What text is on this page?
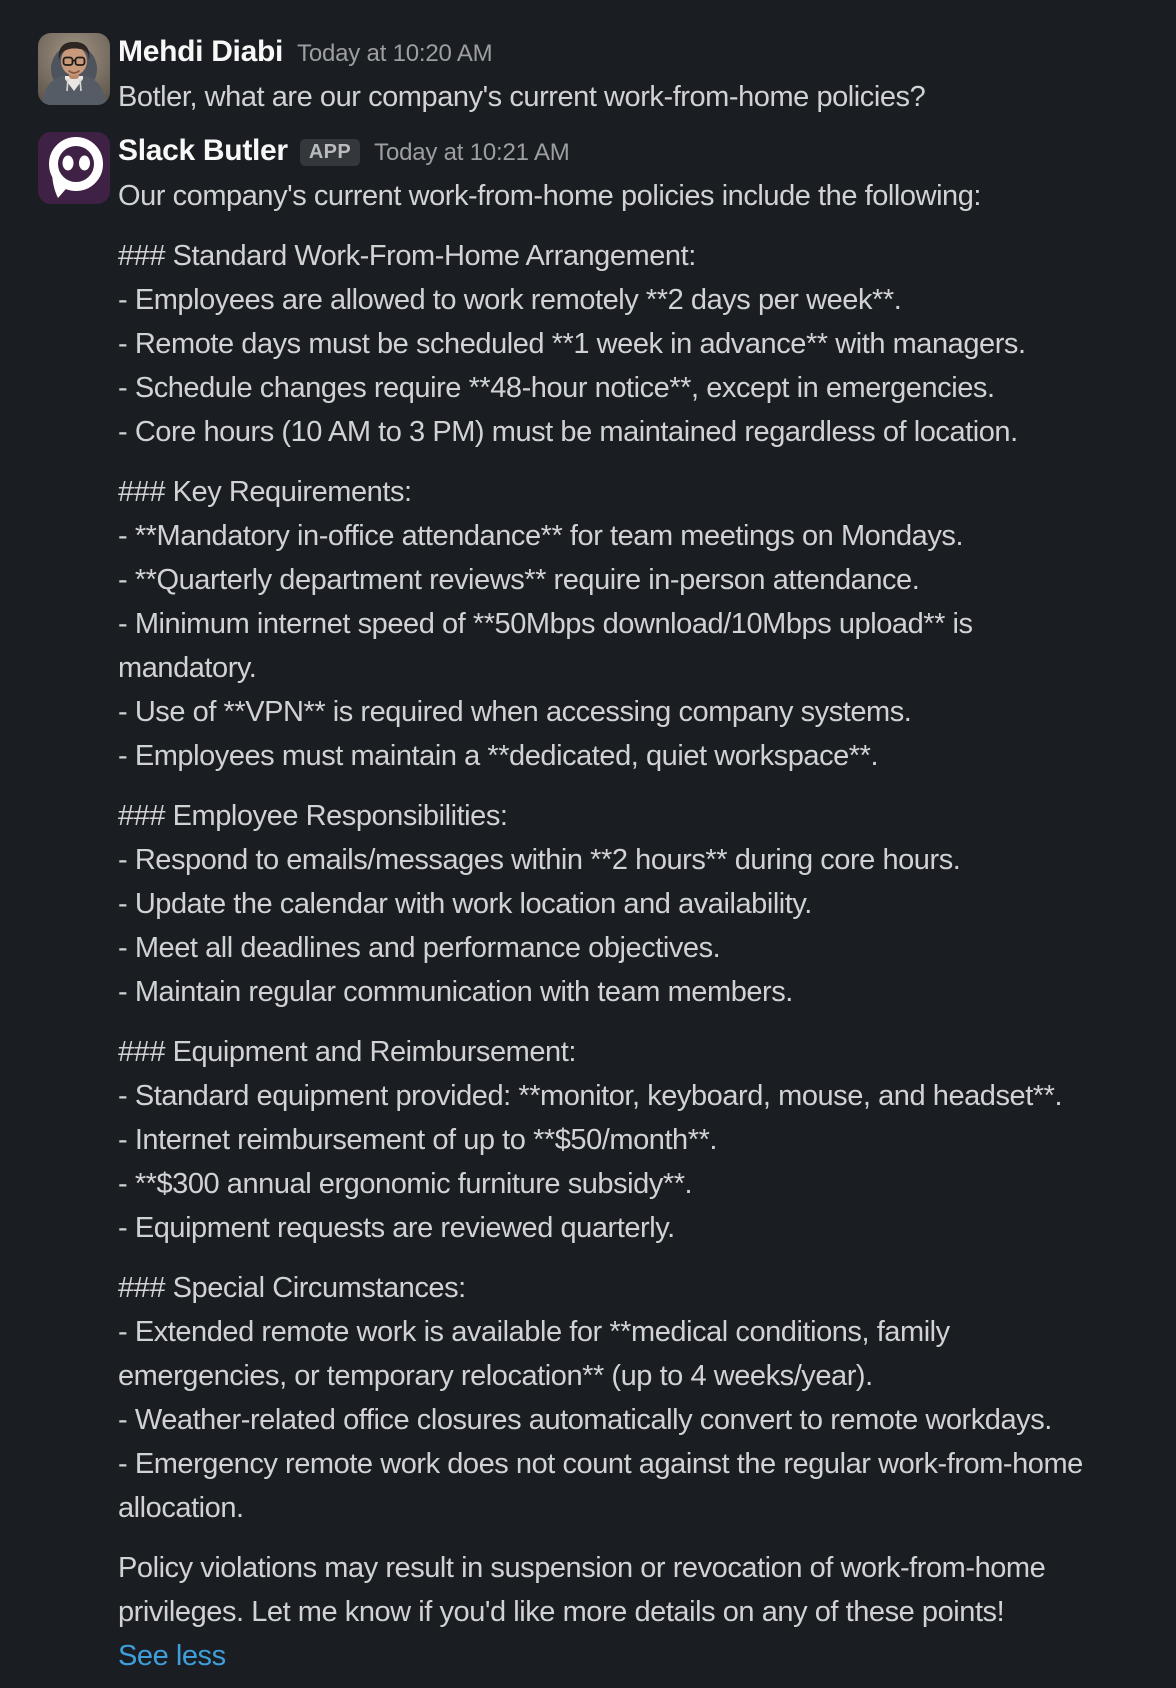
Mehdi Diabi Today at 10:20 AM
Botler, what are our company's current work-from-home policies?
Slack Butler	APP Today at 10:21 AM
Our company's current work-from-home policies include the following:
### Standard Work-From-Home Arrangement:
- Employees are allowed to work remotely **2 days per week**.
- Remote days must be scheduled **1 week in advance** with managers.
- Schedule changes require **48-hour notice**, except in emergencies.
- Core hours (10 AM to 3 PM) must be maintained regardless of location.
### Key Requirements:
- **Mandatory in-office attendance** for team meetings on Mondays.
- **Quarterly department reviews** require in-person attendance.
- Minimum internet speed of **50Mbps download/10Mbps upload** is mandatory.
- Use of **VPN** is required when accessing company systems.
- Employees must maintain a **dedicated, quiet workspace**.
### Employee Responsibilities:
- Respond to emails/messages within **2 hours** during core hours.
- Update the calendar with work location and availability.
- Meet all deadlines and performance objectives.
- Maintain regular communication with team members.
### Equipment and Reimbursement:
- Standard equipment provided: **monitor, keyboard, mouse, and headset**.
- Internet reimbursement of up to **$50/month**.
- **$300 annual ergonomic furniture subsidy**.
- Equipment requests are reviewed quarterly.
### Special Circumstances:
- Extended remote work is available for **medical conditions, family emergencies, or temporary relocation** (up to 4 weeks/year).
- Weather-related office closures automatically convert to remote workdays.
- Emergency remote work does not count against the regular work-from-home allocation.
Policy violations may result in suspension or revocation of work-from-home privileges. Let me know if you'd like more details on any of these points!
See less
